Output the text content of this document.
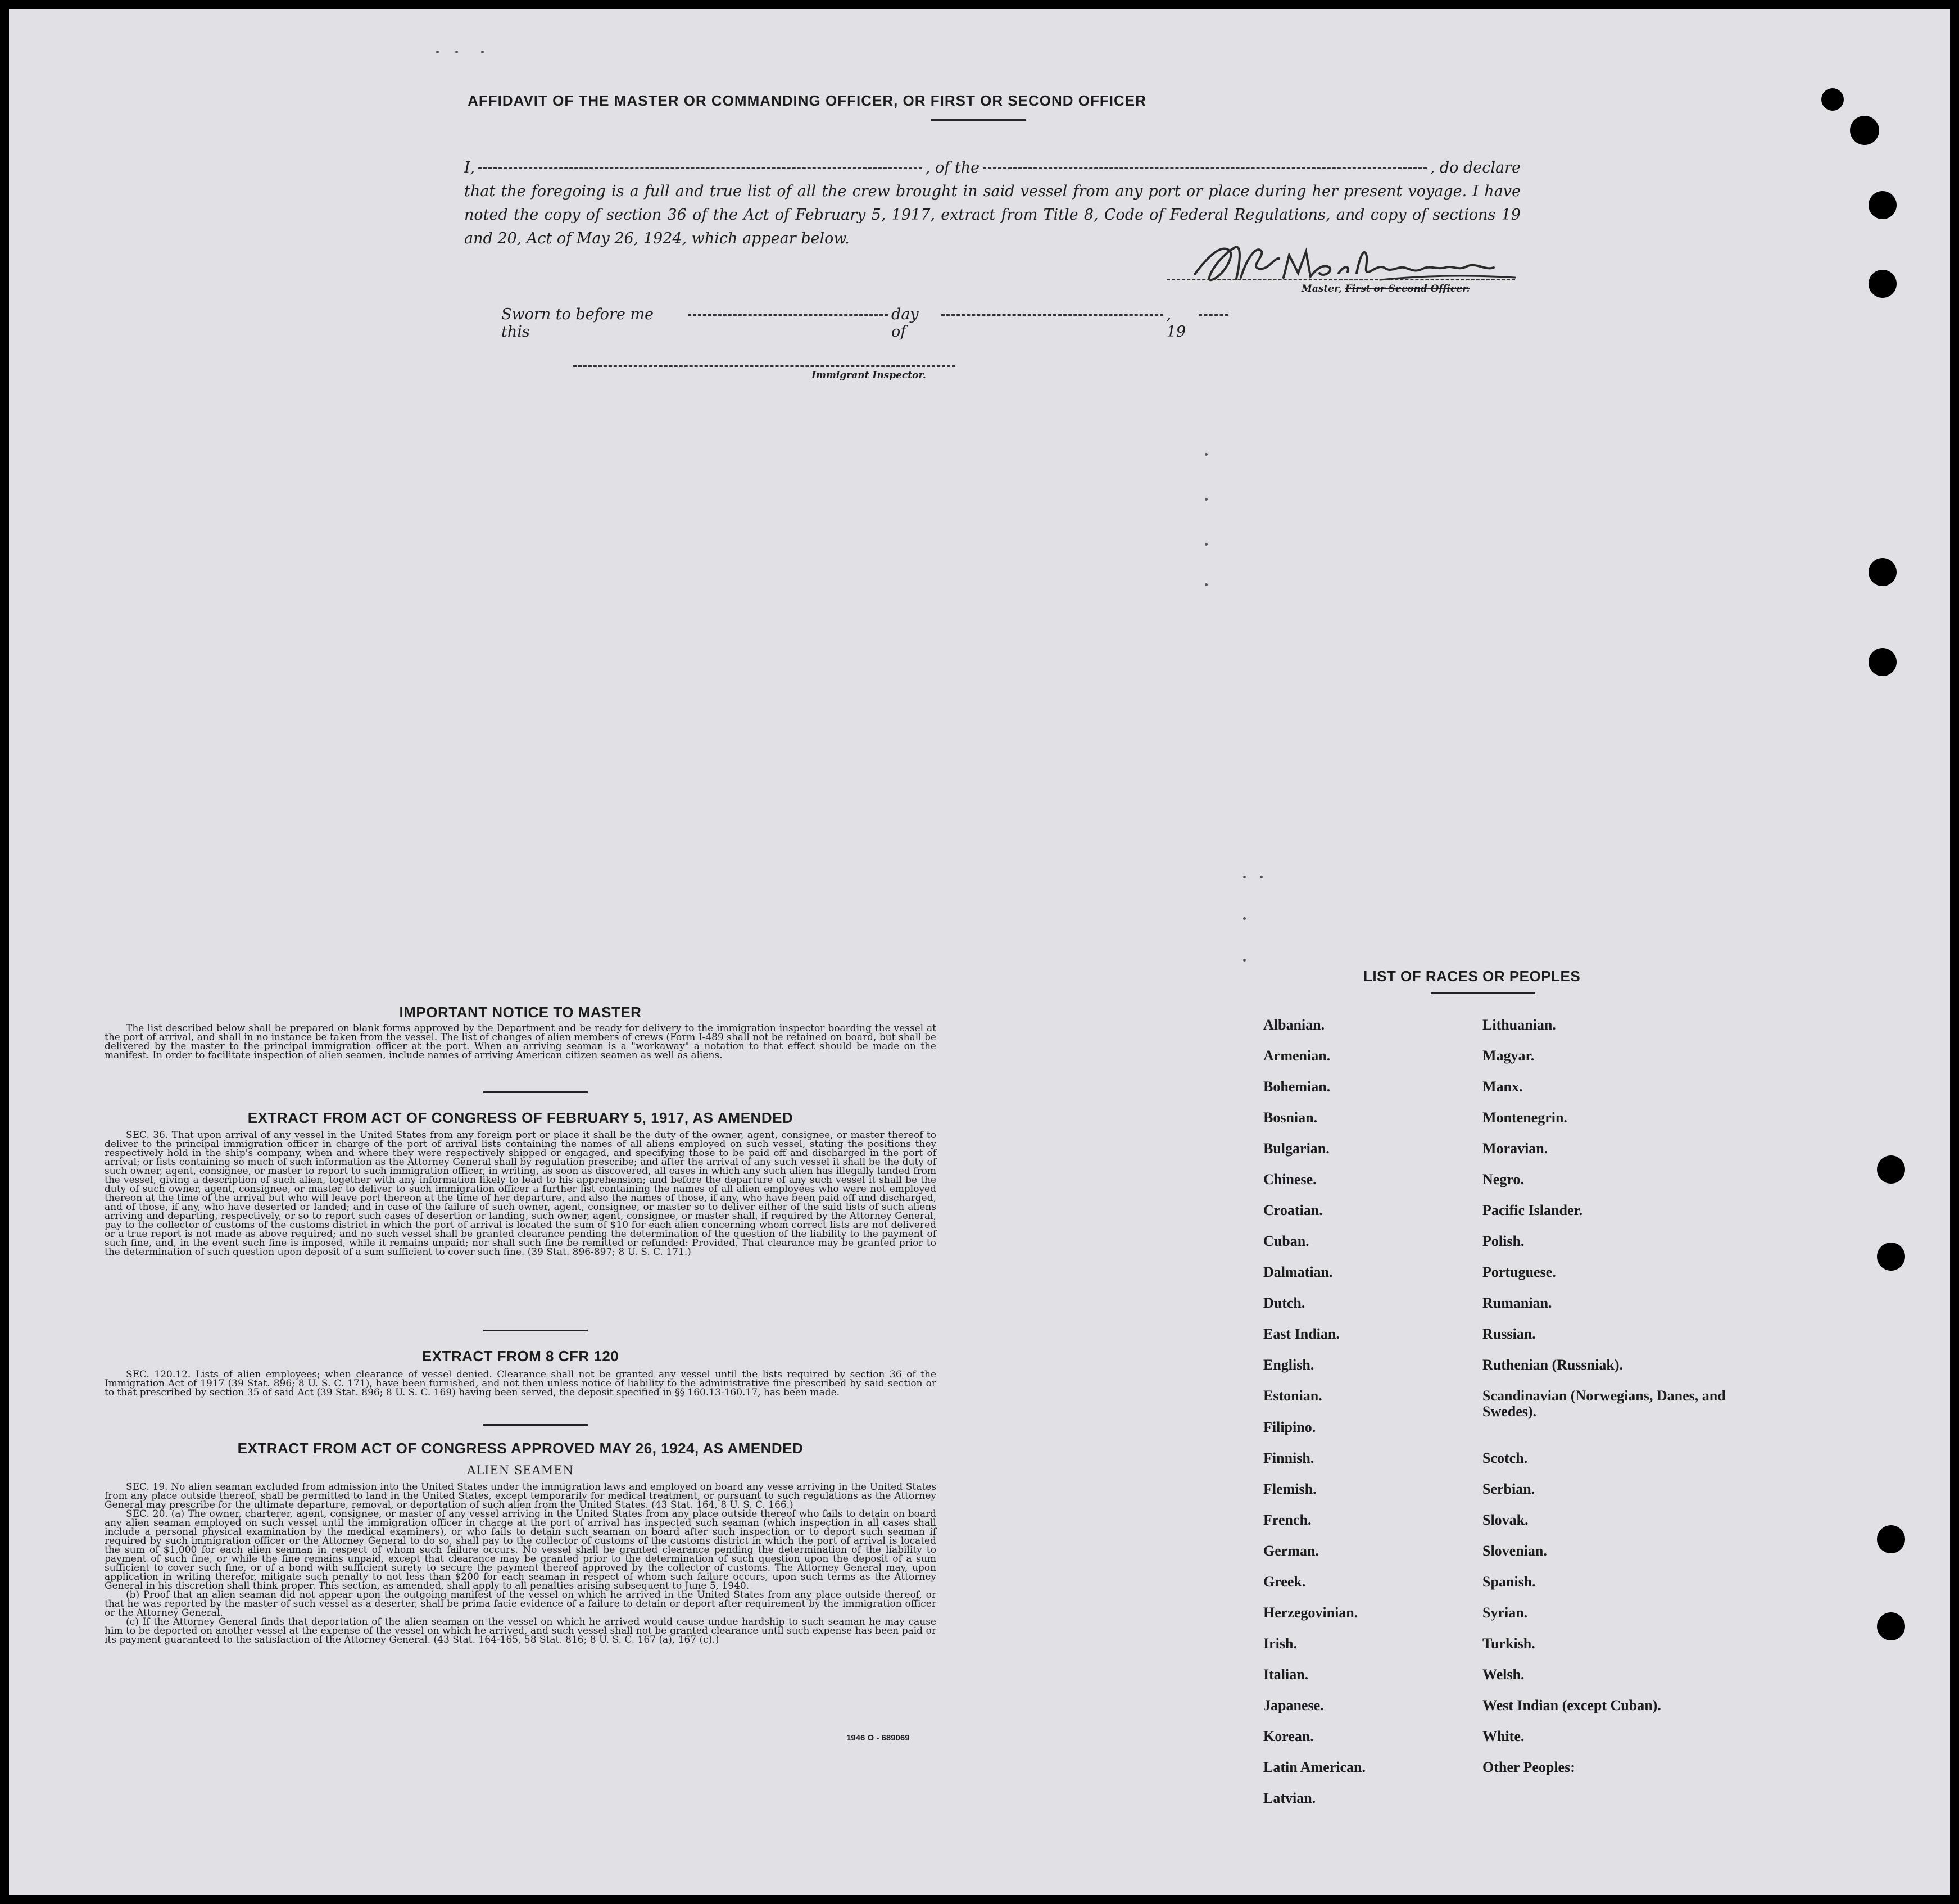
AFFIDAVIT OF THE MASTER OR COMMANDING OFFICER, OR FIRST OR SECOND OFFICER
I,	, of the	, do declare
that the foregoing is a full and true list of all the crew brought in said vessel from any port or place during her present voyage. I have noted the copy of section 36 of the Act of February 5, 1917, extract from Title 8, Code of Federal Regulations, and copy of sections 19 and 20, Act of May 26, 1924, which appear below.
Master, First or Second Officer.
Sworn to before me this
day of
, 19
Immigrant Inspector.
IMPORTANT NOTICE TO MASTER

The list described below shall be prepared on blank forms approved by the Department and be ready for delivery to the immigration inspector boarding the vessel at the port of arrival, and shall in no instance be taken from the vessel. The list of changes of alien members of crews (Form I-489 shall not be retained on board, but shall be delivered by the master to the principal immigration officer at the port. When an arriving seaman is a "workaway" a notation to that effect should be made on the manifest. In order to facilitate inspection of alien seamen, include names of arriving American citizen seamen as well as aliens.

EXTRACT FROM ACT OF CONGRESS OF FEBRUARY 5, 1917, AS AMENDED

SEC. 36. That upon arrival of any vessel in the United States from any foreign port or place it shall be the duty of the owner, agent, consignee, or master thereof to deliver to the principal immigration officer in charge of the port of arrival lists containing the names of all aliens employed on such vessel, stating the positions they respectively hold in the ship's company, when and where they were respectively shipped or engaged, and specifying those to be paid off and discharged in the port of arrival; or lists containing so much of such information as the Attorney General shall by regulation prescribe; and after the arrival of any such vessel it shall be the duty of such owner, agent, consignee, or master to report to such immigration officer, in writing, as soon as discovered, all cases in which any such alien has illegally landed from the vessel, giving a description of such alien, together with any information likely to lead to his apprehension; and before the departure of any such vessel it shall be the duty of such owner, agent, consignee, or master to deliver to such immigration officer a further list containing the names of all alien employees who were not employed thereon at the time of the arrival but who will leave port thereon at the time of her departure, and also the names of those, if any, who have been paid off and discharged, and of those, if any, who have deserted or landed; and in case of the failure of such owner, agent, consignee, or master so to deliver either of the said lists of such aliens arriving and departing, respectively, or so to report such cases of desertion or landing, such owner, agent, consignee, or master shall, if required by the Attorney General, pay to the collector of customs of the customs district in which the port of arrival is located the sum of $10 for each alien concerning whom correct lists are not delivered or a true report is not made as above required; and no such vessel shall be granted clearance pending the determination of the question of the liability to the payment of such fine, and, in the event such fine is imposed, while it remains unpaid; nor shall such fine be remitted or refunded: Provided, That clearance may be granted prior to the determination of such question upon deposit of a sum sufficient to cover such fine. (39 Stat. 896-897; 8 U. S. C. 171.)

EXTRACT FROM 8 CFR 120

SEC. 120.12. Lists of alien employees; when clearance of vessel denied. Clearance shall not be granted any vessel until the lists required by section 36 of the Immigration Act of 1917 (39 Stat. 896; 8 U. S. C. 171), have been furnished, and not then unless notice of liability to the administrative fine prescribed by said section or to that prescribed by section 35 of said Act (39 Stat. 896; 8 U. S. C. 169) having been served, the deposit specified in §§ 160.13-160.17, has been made.

EXTRACT FROM ACT OF CONGRESS APPROVED MAY 26, 1924, AS AMENDED
ALIEN SEAMEN

SEC. 19. No alien seaman excluded from admission into the United States under the immigration laws and employed on board any vesse arriving in the United States from any place outside thereof, shall be permitted to land in the United States, except temporarily for medical treatment, or pursuant to such regulations as the Attorney General may prescribe for the ultimate departure, removal, or deportation of such alien from the United States. (43 Stat. 164, 8 U. S. C. 166.)

SEC. 20. (a) The owner, charterer, agent, consignee, or master of any vessel arriving in the United States from any place outside thereof who fails to detain on board any alien seaman employed on such vessel until the immigration officer in charge at the port of arrival has inspected such seaman (which inspection in all cases shall include a personal physical examination by the medical examiners), or who fails to detain such seaman on board after such inspection or to deport such seaman if required by such immigration officer or the Attorney General to do so, shall pay to the collector of customs of the customs district in which the port of arrival is located the sum of $1,000 for each alien seaman in respect of whom such failure occurs. No vessel shall be granted clearance pending the determination of the liability to payment of such fine, or while the fine remains unpaid, except that clearance may be granted prior to the determination of such question upon the deposit of a sum sufficient to cover such fine, or of a bond with sufficient surety to secure the payment thereof approved by the collector of customs. The Attorney General may, upon application in writing therefor, mitigate such penalty to not less than $200 for each seaman in respect of whom such failure occurs, upon such terms as the Attorney General in his discretion shall think proper. This section, as amended, shall apply to all penalties arising subsequent to June 5, 1940.

(b) Proof that an alien seaman did not appear upon the outgoing manifest of the vessel on which he arrived in the United States from any place outside thereof, or that he was reported by the master of such vessel as a deserter, shall be prima facie evidence of a failure to detain or deport after requirement by the immigration officer or the Attorney General.

(c) If the Attorney General finds that deportation of the alien seaman on the vessel on which he arrived would cause undue hardship to such seaman he may cause him to be deported on another vessel at the expense of the vessel on which he arrived, and such vessel shall not be granted clearance until such expense has been paid or its payment guaranteed to the satisfaction of the Attorney General. (43 Stat. 164-165, 58 Stat. 816; 8 U. S. C. 167 (a), 167 (c).)

1946 O - 689069
LIST OF RACES OR PEOPLES
Albanian.
Armenian.
Bohemian.
Bosnian.
Bulgarian.
Chinese.
Croatian.
Cuban.
Dalmatian.
Dutch.
East Indian.
English.
Estonian.
Filipino.
Finnish.
Flemish.
French.
German.
Greek.
Herzegovinian.
Irish.
Italian.
Japanese.
Korean.
Latin American.
Latvian.
Lithuanian.
Magyar.
Manx.
Montenegrin.
Moravian.
Negro.
Pacific Islander.
Polish.
Portuguese.
Rumanian.
Russian.
Ruthenian (Russniak).
Scandinavian (Norwegians, Danes, and Swedes).
Scotch.
Serbian.
Slovak.
Slovenian.
Spanish.
Syrian.
Turkish.
Welsh.
West Indian (except Cuban).
White.
Other Peoples:
